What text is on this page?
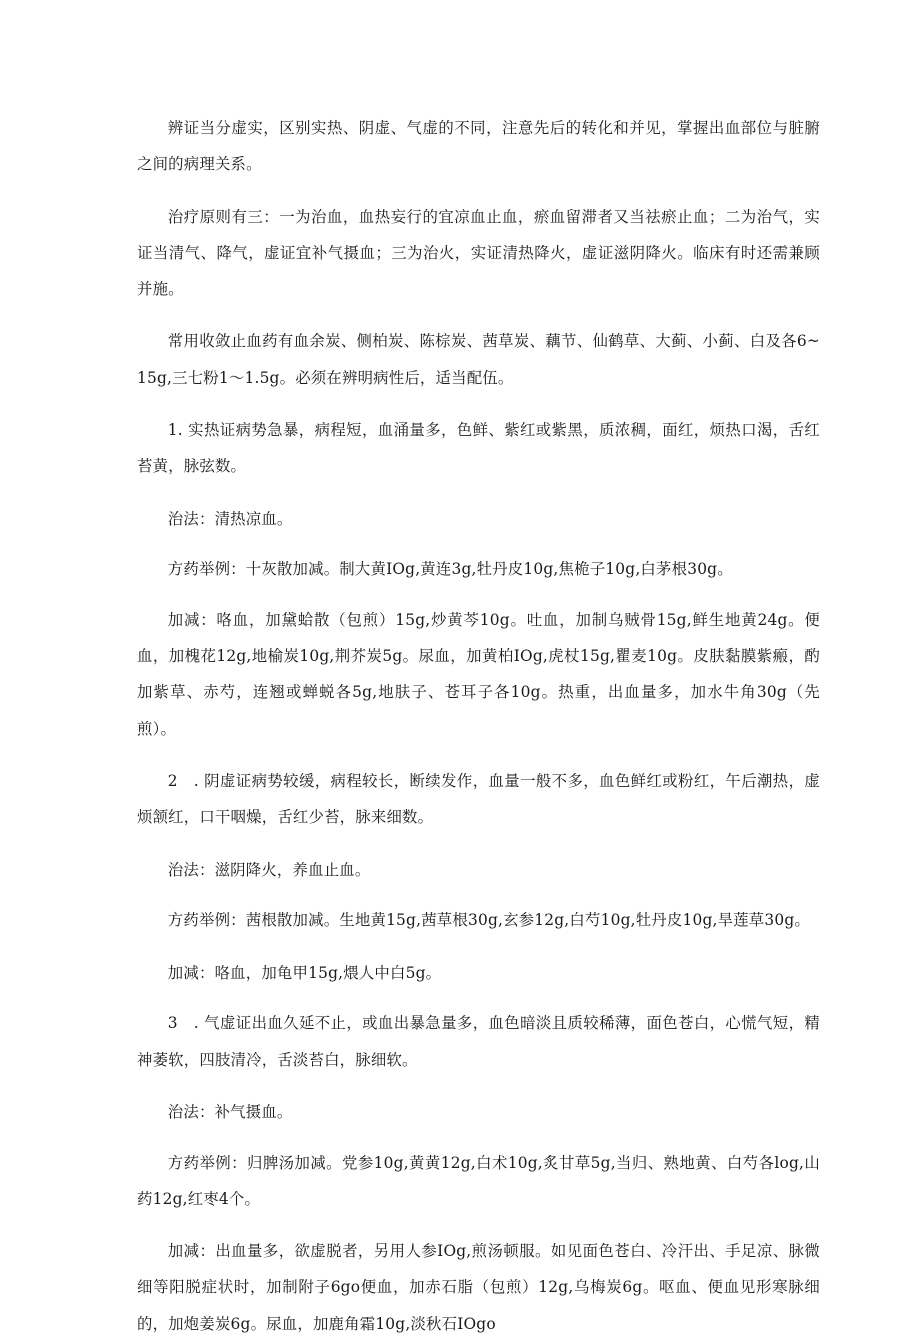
辨证当分虚实，区别实热、阴虚、气虚的不同，注意先后的转化和并见，掌握出血部位与脏腑之间的病理关系。

治疗原则有三：一为治血，血热妄行的宜凉血止血，瘀血留滞者又当祛瘀止血；二为治气，实证当清气、降气，虚证宜补气摄血；三为治火，实证清热降火，虚证滋阴降火。临床有时还需兼顾并施。

常用收敛止血药有血余炭、侧柏炭、陈棕炭、茜草炭、藕节、仙鹤草、大蓟、小蓟、白及各6~15g,三七粉1～1.5g。必须在辨明病性后，适当配伍。

1. 实热证病势急暴，病程短，血涌量多，色鲜、紫红或紫黑，质浓稠，面红，烦热口渴，舌红苔黄，脉弦数。

治法：清热凉血。

方药举例：十灰散加减。制大黄IOg,黄连3g,牡丹皮10g,焦桅子10g,白茅根30g。

加减：咯血，加黛蛤散（包煎）15g,炒黄芩10g。吐血，加制乌贼骨15g,鲜生地黄24g。便血，加槐花12g,地榆炭10g,荆芥炭5g。尿血，加黄柏IOg,虎杖15g,瞿麦10g。皮肤黏膜紫瘢，酌加紫草、赤芍，连翘或蝉蜕各5g,地肤子、苍耳子各10g。热重，出血量多，加水牛角30g（先煎）。

2　. 阴虚证病势较缓，病程较长，断续发作，血量一般不多，血色鲜红或粉红，午后潮热，虚烦颔红，口干咽燥，舌红少苔，脉来细数。

治法：滋阴降火，养血止血。

方药举例：茜根散加减。生地黄15g,茜草根30g,玄参12g,白芍10g,牡丹皮10g,旱莲草30g。

加减：咯血，加龟甲15g,煨人中白5g。

3　. 气虚证出血久延不止，或血出暴急量多，血色暗淡且质较稀薄，面色苍白，心慌气短，精神萎软，四肢清冷，舌淡苔白，脉细软。

治法：补气摄血。

方药举例：归脾汤加减。党参10g,黄黄12g,白术10g,炙甘草5g,当归、熟地黄、白芍各log,山药12g,红枣4个。

加减：出血量多，欲虚脱者，另用人参IOg,煎汤顿服。如见面色苍白、冷汗出、手足凉、脉微细等阳脱症状时，加制附子6go便血，加赤石脂（包煎）12g,乌梅炭6g。呕血、便血见形寒脉细的，加炮姜炭6g。尿血，加鹿角霜10g,淡秋石IOgo
